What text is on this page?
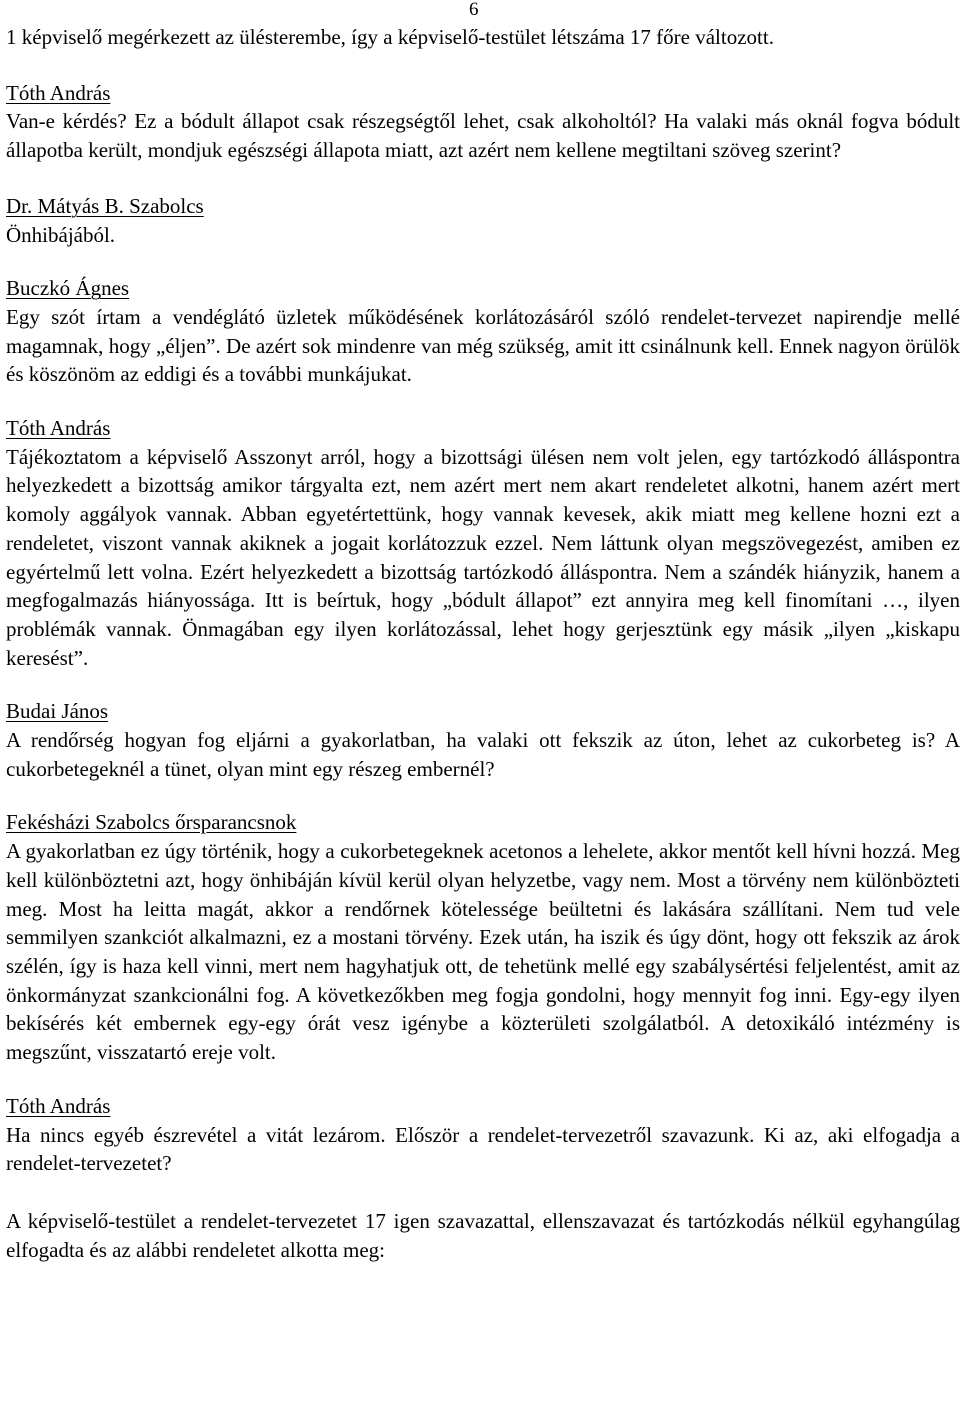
6

1 képviselő megérkezett az ülésterembe, így a képviselő-testület létszáma 17 főre változott.

Tóth András

Van-e kérdés? Ez a bódult állapot csak részegségtől lehet, csak alkoholtól? Ha valaki más oknál fogva bódult állapotba került, mondjuk egészségi állapota miatt, azt azért nem kellene megtiltani szöveg szerint?

Dr. Mátyás B. Szabolcs

Önhibájából.

Buczkó Ágnes

Egy szót írtam a vendéglátó üzletek működésének korlátozásáról szóló rendelet-tervezet napirendje mellé magamnak, hogy „éljen”. De azért sok mindenre van még szükség, amit itt csinálnunk kell. Ennek nagyon örülök és köszönöm az eddigi és a további munkájukat.

Tóth András

Tájékoztatom a képviselő Asszonyt arról, hogy a bizottsági ülésen nem volt jelen, egy tartózkodó álláspontra helyezkedett a bizottság amikor tárgyalta ezt, nem azért mert nem akart rendeletet alkotni, hanem azért mert komoly aggályok vannak. Abban egyetértettünk, hogy vannak kevesek, akik miatt meg kellene hozni ezt a rendeletet, viszont vannak akiknek a jogait korlátozzuk ezzel. Nem láttunk olyan megszövegezést, amiben ez egyértelmű lett volna. Ezért helyezkedett a bizottság tartózkodó álláspontra. Nem a szándék hiányzik, hanem a megfogalmazás hiányossága. Itt is beírtuk, hogy „bódult állapot” ezt annyira meg kell finomítani …, ilyen problémák vannak. Önmagában egy ilyen korlátozással, lehet hogy gerjesztünk egy másik „ilyen „kiskapu keresést”.

Budai János

A rendőrség hogyan fog eljárni a gyakorlatban, ha valaki ott fekszik az úton, lehet az cukorbeteg is? A cukorbetegeknél a tünet, olyan mint egy részeg embernél?

Fekésházi Szabolcs őrsparancsnok

A gyakorlatban ez úgy történik, hogy a cukorbetegeknek acetonos a lehelete, akkor mentőt kell hívni hozzá. Meg kell különböztetni azt, hogy önhibáján kívül kerül olyan helyzetbe, vagy nem. Most a törvény nem különbözteti meg. Most ha leitta magát, akkor a rendőrnek kötelessége beültetni és lakására szállítani. Nem tud vele semmilyen szankciót alkalmazni, ez a mostani törvény. Ezek után, ha iszik és úgy dönt, hogy ott fekszik az árok szélén, így is haza kell vinni, mert nem hagyhatjuk ott, de tehetünk mellé egy szabálysértési feljelentést, amit az önkormányzat szankcionálni fog. A következőkben meg fogja gondolni, hogy mennyit fog inni. Egy-egy ilyen bekísérés két embernek egy-egy órát vesz igénybe a közterületi szolgálatból. A detoxikáló intézmény is megszűnt, visszatartó ereje volt.

Tóth András

Ha nincs egyéb észrevétel a vitát lezárom. Először a rendelet-tervezetről szavazunk. Ki az, aki elfogadja a rendelet-tervezetet?

A képviselő-testület a rendelet-tervezetet 17 igen szavazattal, ellenszavazat és tartózkodás nélkül egyhangúlag elfogadta és az alábbi rendeletet alkotta meg:
